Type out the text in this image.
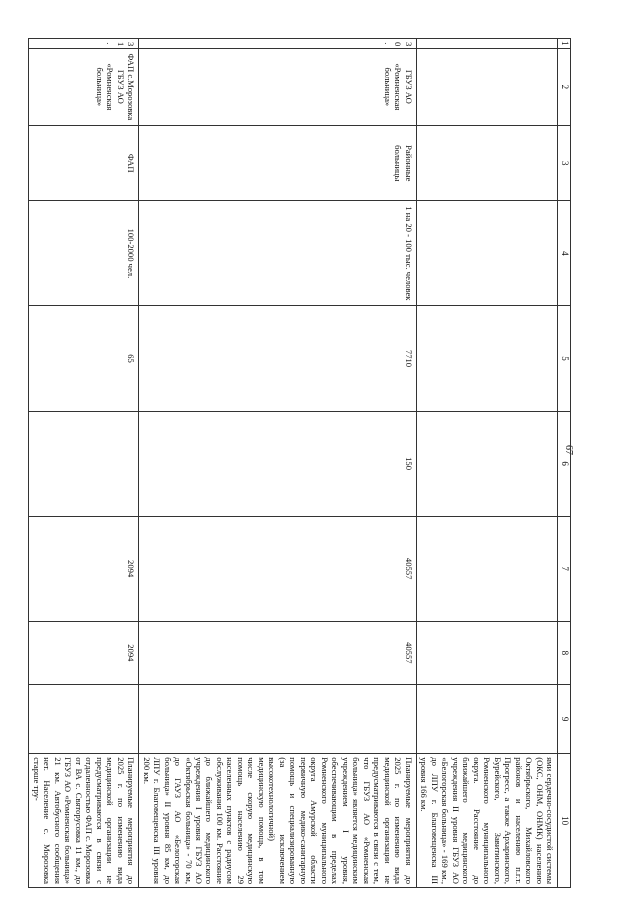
67
1	2	3	4	5	6	7	8	9	10
									ями сердечно-сосудистой системы (ОКС, ОНМ, ОНМК) населению Октябрьского, Михайловского районов и населению п.г.т. Прогресс, а также Архаринского, Бурейского, Завитинского, Ромненского муниципального округа. Расстояние до ближайшего медицинского учреждения II уровня ГБУЗ АО «Белогорская больница» - 169 км., до ЛПУ г. Благовещенска III уровня 166 км.
30.	ГБУЗ АО «Ромненская больница»	Районные больницы	1 на 20 - 100 тыс. человек	7710	150	40557	40557		Планируемые мероприятия до 2025 г. по изменению вида медицинской организации не предусматриваются в связи с тем, что ГБУЗ АО «Ромненская больница» является медицинским учреждением I уровня, обеспечивающим в пределах Ромненского муниципального округа Амурской области первичную медико-санитарную помощь и специализированную (за исключением высокотехнологичной) медицинскую помощь, в том числе скорую медицинскую помощь населению 29 населенных пунктов с радиусом обслуживания 100 км. Расстояние до ближайшего медицинского учреждения I уровня ГБУЗ АО «Октябрьская больница» - 70 км, до ГАУЗ АО «Белогорская больница» II уровня 85 км, до ЛПУ г. Благовещенска III уровня 200 км.
31.	ФАП с.Морозовка ГБУЗ АО «Ромненская больница»	ФАП	100-2000 чел.	65		2094	2094		Планируемые мероприятия до 2025 г. по изменению вида медицинской организации не предусматриваются в связи с отдаленностью ФАП с. Морозовка от ВА с. Святорусовка 11 км., до ГБУЗ АО «Ромненская больница» 21 км. Автобусного сообщения нет. Население с. Морозовка старше тру-
